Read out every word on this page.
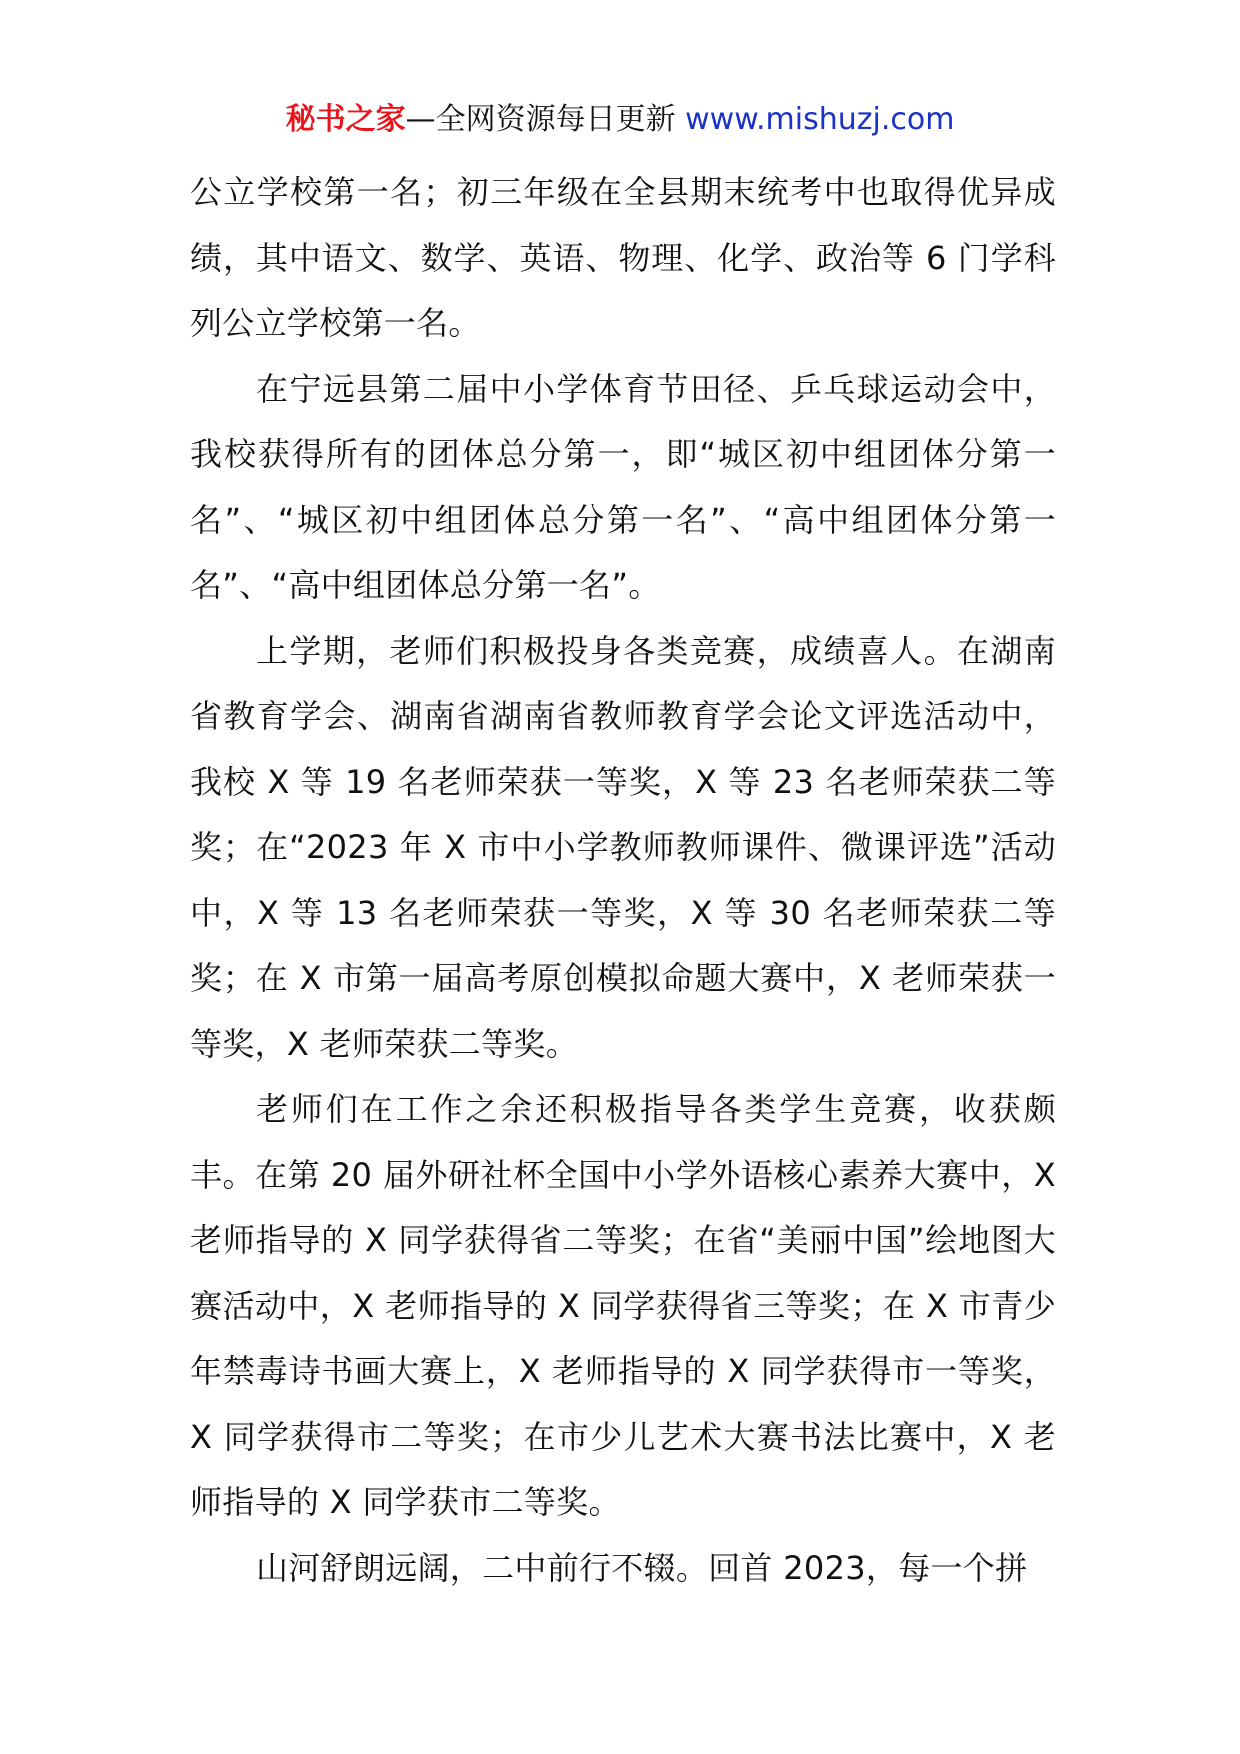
秘书之家—全网资源每日更新 www.mishuzj.com

公立学校第一名；初三年级在全县期末统考中也取得优异成绩，其中语文、数学、英语、物理、化学、政治等 6 门学科列公立学校第一名。

在宁远县第二届中小学体育节田径、乒乓球运动会中，我校获得所有的团体总分第一，即“城区初中组团体分第一名”、“城区初中组团体总分第一名”、“高中组团体分第一名”、“高中组团体总分第一名”。

上学期，老师们积极投身各类竞赛，成绩喜人。在湖南省教育学会、湖南省湖南省教师教育学会论文评选活动中，我校 X 等 19 名老师荣获一等奖，X 等 23 名老师荣获二等奖；在“2023 年 X 市中小学教师教师课件、微课评选”活动中，X 等 13 名老师荣获一等奖，X 等 30 名老师荣获二等奖；在 X 市第一届高考原创模拟命题大赛中，X 老师荣获一等奖，X 老师荣获二等奖。

老师们在工作之余还积极指导各类学生竞赛，收获颇丰。在第 20 届外研社杯全国中小学外语核心素养大赛中，X 老师指导的 X 同学获得省二等奖；在省“美丽中国”绘地图大赛活动中，X 老师指导的 X 同学获得省三等奖；在 X 市青少年禁毒诗书画大赛上，X 老师指导的 X 同学获得市一等奖，X 同学获得市二等奖；在市少儿艺术大赛书法比赛中，X 老师指导的 X 同学获市二等奖。

山河舒朗远阔，二中前行不辍。回首 2023，每一个拼
